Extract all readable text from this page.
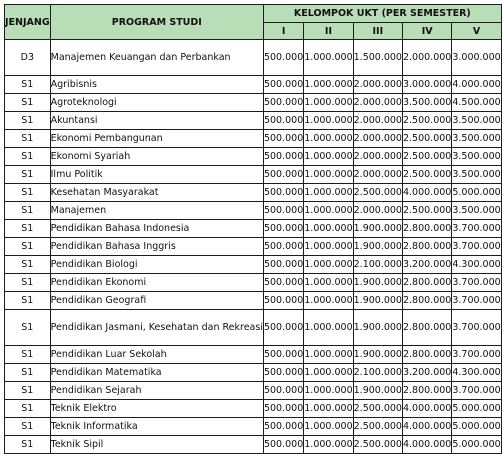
JENJANG	PROGRAM STUDI	KELOMPOK UKT (PER SEMESTER)				
		I	II	III	IV	V
D3	Manajemen Keuangan dan Perbankan	500.000	1.000.000	1.500.000	2.000.000	3.000.000
S1	Agribisnis	500.000	1.000.000	2.000.000	3.000.000	4.000.000
S1	Agroteknologi	500.000	1.000.000	2.000.000	3.500.000	4.500.000
S1	Akuntansi	500.000	1.000.000	2.000.000	2.500.000	3.500.000
S1	Ekonomi Pembangunan	500.000	1.000.000	2.000.000	2.500.000	3.500.000
S1	Ekonomi Syariah	500.000	1.000.000	2.000.000	2.500.000	3.500.000
S1	Ilmu Politik	500.000	1.000.000	2.000.000	2.500.000	3.500.000
S1	Kesehatan Masyarakat	500.000	1.000.000	2.500.000	4.000.000	5.000.000
S1	Manajemen	500.000	1.000.000	2.000.000	2.500.000	3.500.000
S1	Pendidikan Bahasa Indonesia	500.000	1.000.000	1.900.000	2.800.000	3.700.000
S1	Pendidikan Bahasa Inggris	500.000	1.000.000	1.900.000	2.800.000	3.700.000
S1	Pendidikan Biologi	500.000	1.000.000	2.100.000	3.200.000	4.300.000
S1	Pendidikan Ekonomi	500.000	1.000.000	1.900.000	2.800.000	3.700.000
S1	Pendidikan Geografi	500.000	1.000.000	1.900.000	2.800.000	3.700.000
S1	Pendidikan Jasmani, Kesehatan dan Rekreasi	500.000	1.000.000	1.900.000	2.800.000	3.700.000
S1	Pendidikan Luar Sekolah	500.000	1.000.000	1.900.000	2.800.000	3.700.000
S1	Pendidikan Matematika	500.000	1.000.000	2.100.000	3.200.000	4.300.000
S1	Pendidikan Sejarah	500.000	1.000.000	1.900.000	2.800.000	3.700.000
S1	Teknik Elektro	500.000	1.000.000	2.500.000	4.000.000	5.000.000
S1	Teknik Informatika	500.000	1.000.000	2.500.000	4.000.000	5.000.000
S1	Teknik Sipil	500.000	1.000.000	2.500.000	4.000.000	5.000.000
